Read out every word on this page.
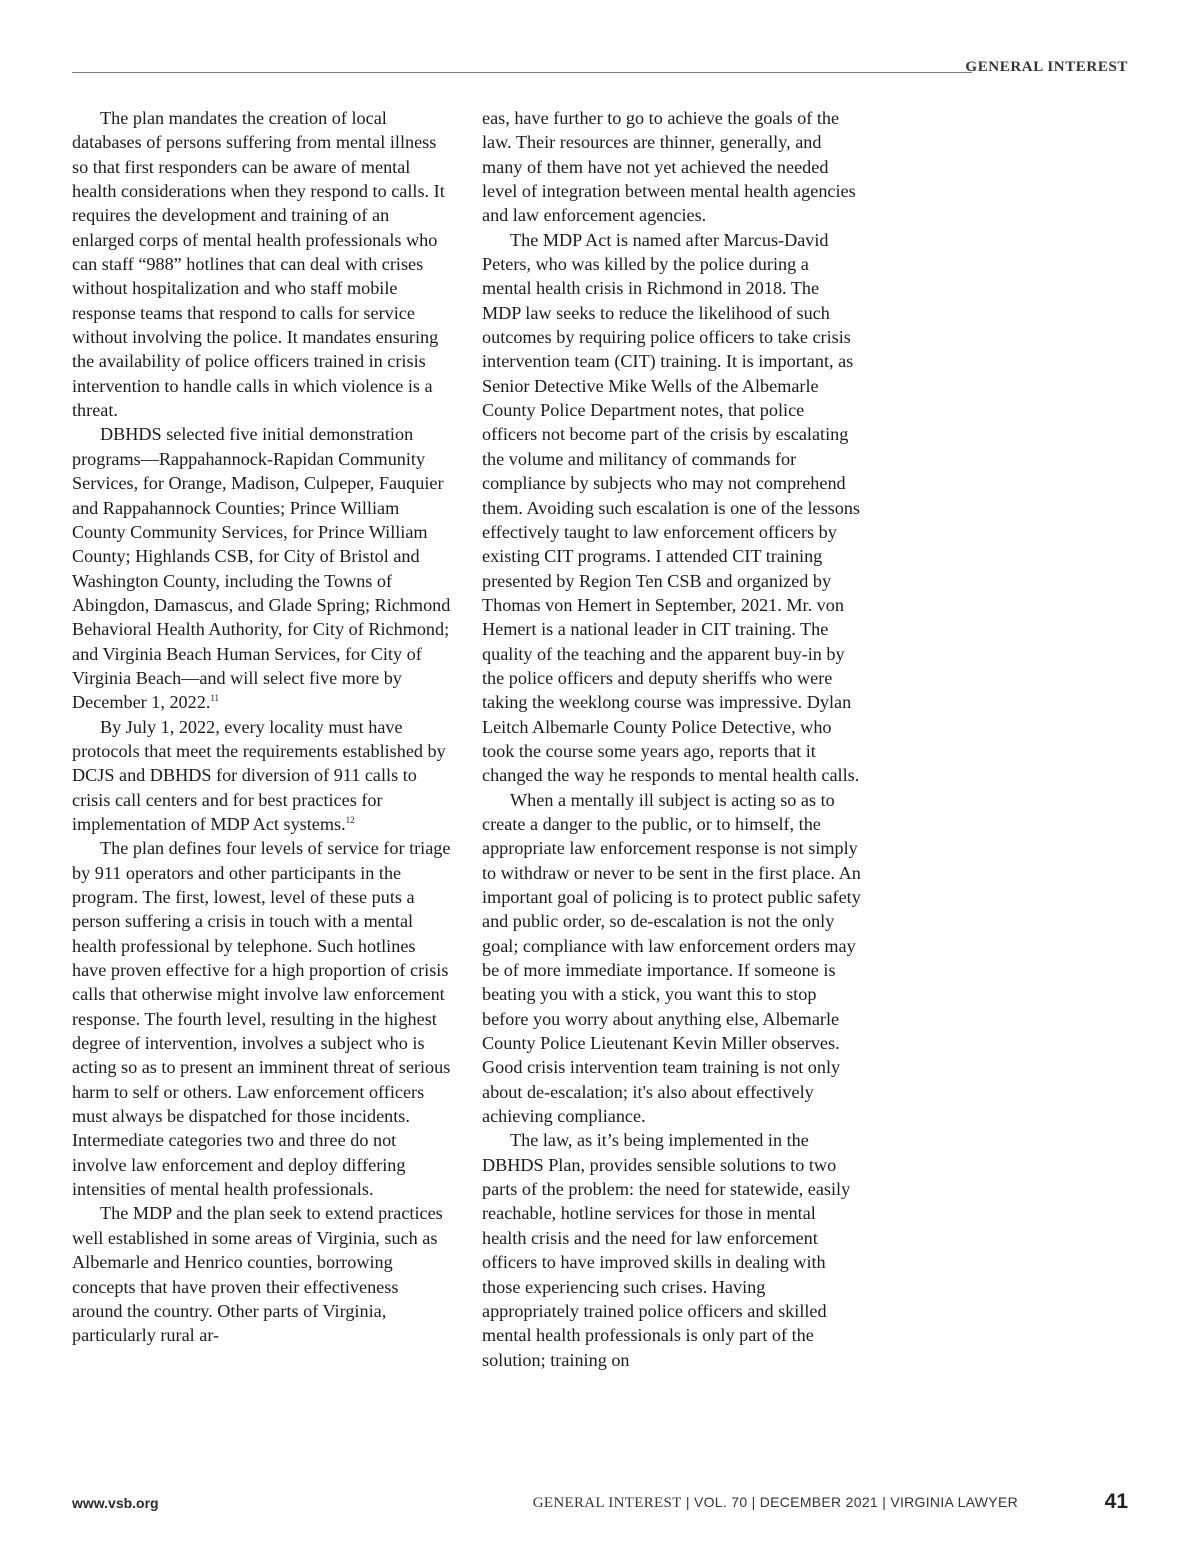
GENERAL INTEREST

The plan mandates the creation of local databases of persons suffering from mental illness so that first responders can be aware of mental health considerations when they respond to calls. It requires the development and training of an enlarged corps of mental health professionals who can staff “988” hotlines that can deal with crises without hospitalization and who staff mobile response teams that respond to calls for service without involving the police. It mandates ensuring the availability of police officers trained in crisis intervention to handle calls in which violence is a threat.

DBHDS selected five initial demonstration programs—Rappahannock-Rapidan Community Services, for Orange, Madison, Culpeper, Fauquier and Rappahannock Counties; Prince William County Community Services, for Prince William County; Highlands CSB, for City of Bristol and Washington County, including the Towns of Abingdon, Damascus, and Glade Spring; Richmond Behavioral Health Authority, for City of Richmond; and Virginia Beach Human Services, for City of Virginia Beach—and will select five more by December 1, 2022.11

By July 1, 2022, every locality must have protocols that meet the requirements established by DCJS and DBHDS for diversion of 911 calls to crisis call centers and for best practices for implementation of MDP Act systems.$^{12}$

The plan defines four levels of service for triage by 911 operators and other participants in the program. The first, lowest, level of these puts a person suffering a crisis in touch with a mental health professional by telephone. Such hotlines have proven effective for a high proportion of crisis calls that otherwise might involve law enforcement response. The fourth level, resulting in the highest degree of intervention, involves a subject who is acting so as to present an imminent threat of serious harm to self or others. Law enforcement officers must always be dispatched for those incidents. Intermediate categories two and three do not involve law enforcement and deploy differing intensities of mental health professionals.

The MDP and the plan seek to extend practices well established in some areas of Virginia, such as Albemarle and Henrico counties, borrowing concepts that have proven their effectiveness around the country. Other parts of Virginia, particularly rural ar-

eas, have further to go to achieve the goals of the law. Their resources are thinner, generally, and many of them have not yet achieved the needed level of integration between mental health agencies and law enforcement agencies.

The MDP Act is named after Marcus-David Peters, who was killed by the police during a mental health crisis in Richmond in 2018. The MDP law seeks to reduce the likelihood of such outcomes by requiring police officers to take crisis intervention team (CIT) training. It is important, as Senior Detective Mike Wells of the Albemarle County Police Department notes, that police officers not become part of the crisis by escalating the volume and militancy of commands for compliance by subjects who may not comprehend them. Avoiding such escalation is one of the lessons effectively taught to law enforcement officers by existing CIT programs. I attended CIT training presented by Region Ten CSB and organized by Thomas von Hemert in September, 2021. Mr. von Hemert is a national leader in CIT training. The quality of the teaching and the apparent buy-in by the police officers and deputy sheriffs who were taking the weeklong course was impressive. Dylan Leitch Albemarle County Police Detective, who took the course some years ago, reports that it changed the way he responds to mental health calls.

When a mentally ill subject is acting so as to create a danger to the public, or to himself, the appropriate law enforcement response is not simply to withdraw or never to be sent in the first place. An important goal of policing is to protect public safety and public order, so de-escalation is not the only goal; compliance with law enforcement orders may be of more immediate importance. If someone is beating you with a stick, you want this to stop before you worry about anything else, Albemarle County Police Lieutenant Kevin Miller observes. Good crisis intervention team training is not only about de-escalation; it's also about effectively achieving compliance.

The law, as it’s being implemented in the DBHDS Plan, provides sensible solutions to two parts of the problem: the need for statewide, easily reachable, hotline services for those in mental health crisis and the need for law enforcement officers to have improved skills in dealing with those experiencing such crises. Having appropriately trained police officers and skilled mental health professionals is only part of the solution; training on

www.vsb.org	GENERAL INTEREST | VOL. 70 | DECEMBER 2021 | VIRGINIA LAWYER	41
